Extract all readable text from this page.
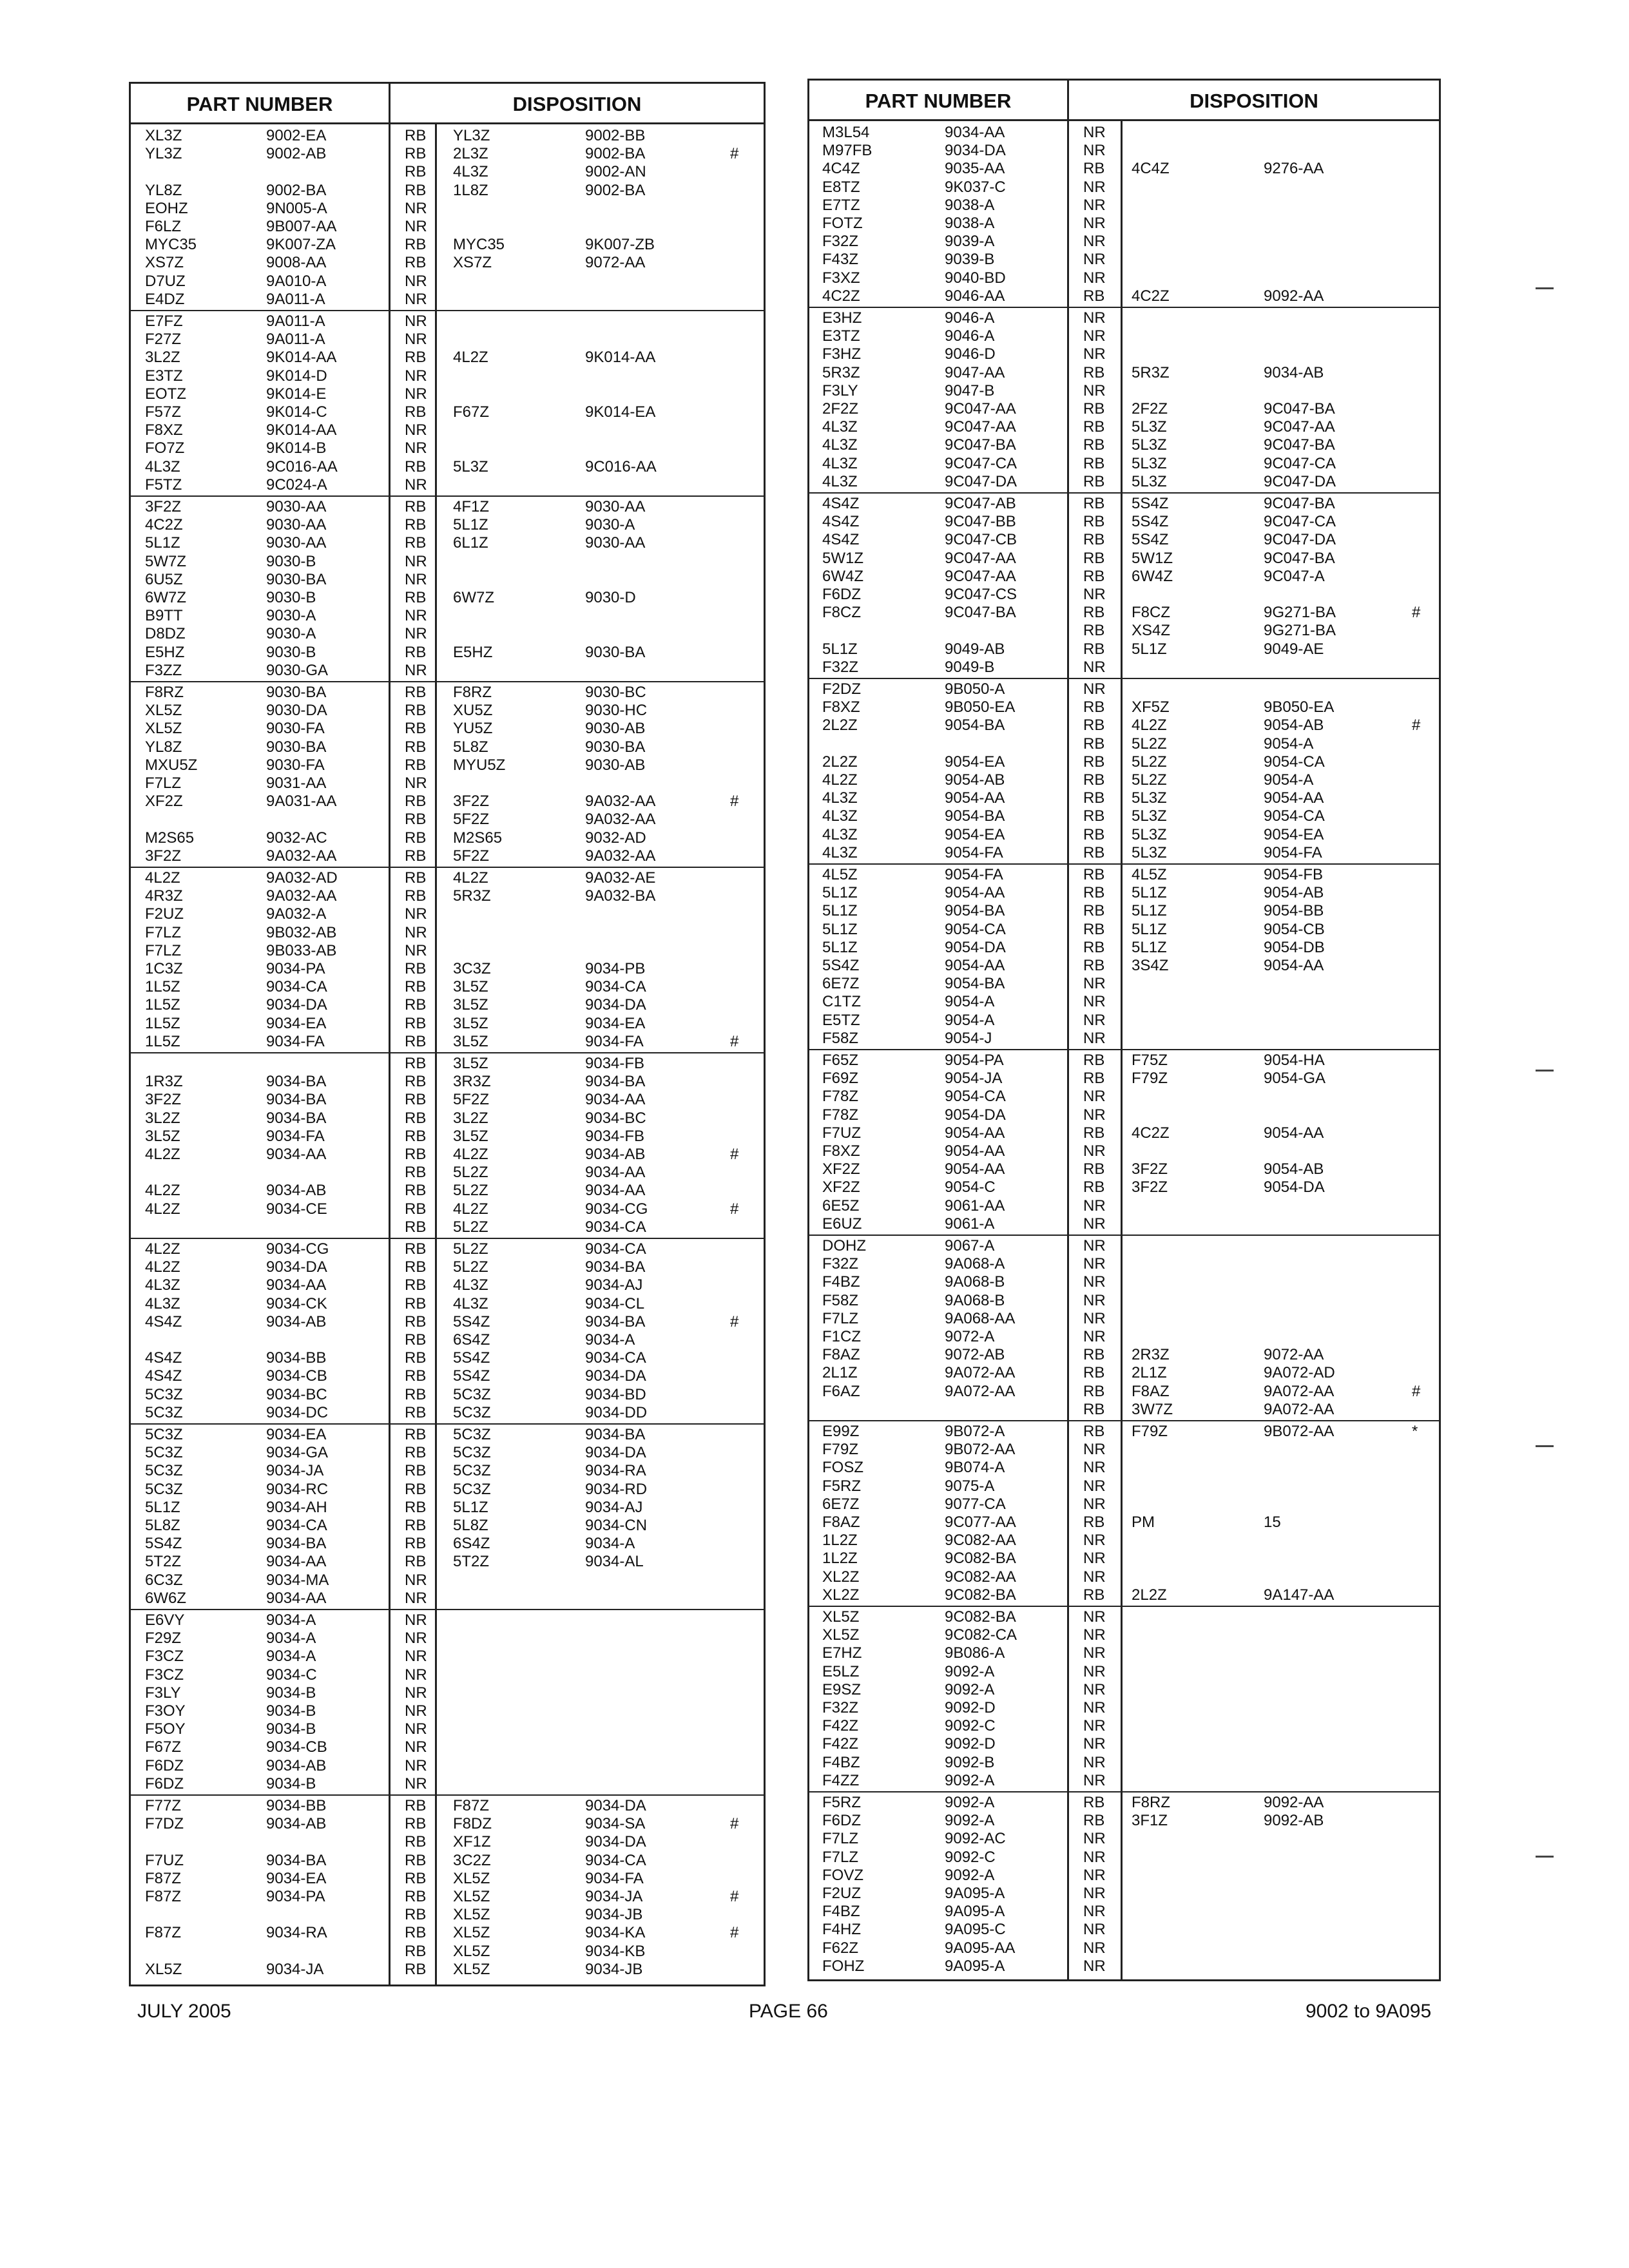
PART NUMBER	DISPOSITION
XL3Z	9002-EA	RB YL3Z	9002-BB
YL3Z	9002-AB	RB 2L3Z	9002-BA	#
RB 4L3Z	9002-AN
YL8Z	9002-BA	RB 1L8Z	9002-BA
EOHZ	9N005-A	NR
F6LZ	9B007-AA	NR
MYC35	9K007-ZA	RB MYC35	9K007-ZB
XS7Z	9008-AA	RB XS7Z	9072-AA
D7UZ	9A010-A	NR
E4DZ	9A011-A	NR
E7FZ	9A011-A	NR
F27Z	9A011-A	NR
3L2Z	9K014-AA	RB 4L2Z	9K014-AA
E3TZ	9K014-D	NR
EOTZ	9K014-E	NR
F57Z	9K014-C	RB F67Z	9K014-EA
F8XZ	9K014-AA	NR
FO7Z	9K014-B	NR
4L3Z	9C016-AA	RB 5L3Z	9C016-AA
F5TZ	9C024-A	NR
3F2Z	9030-AA	RB 4F1Z	9030-AA
4C2Z	9030-AA	RB 5L1Z	9030-A
5L1Z	9030-AA	RB 6L1Z	9030-AA
5W7Z	9030-B	NR
6U5Z	9030-BA	NR
6W7Z	9030-B	RB 6W7Z	9030-D
B9TT	9030-A	NR
D8DZ	9030-A	NR
E5HZ	9030-B	RB E5HZ	9030-BA
F3ZZ	9030-GA	NR
F8RZ	9030-BA	RB F8RZ	9030-BC
XL5Z	9030-DA	RB XU5Z	9030-HC
XL5Z	9030-FA	RB YU5Z	9030-AB
YL8Z	9030-BA	RB 5L8Z	9030-BA
MXU5Z	9030-FA	RB MYU5Z	9030-AB
F7LZ	9031-AA	NR
XF2Z	9A031-AA	RB 3F2Z	9A032-AA	#
RB 5F2Z	9A032-AA
M2S65	9032-AC	RB M2S65	9032-AD
3F2Z	9A032-AA	RB 5F2Z	9A032-AA
4L2Z	9A032-AD	RB 4L2Z	9A032-AE
4R3Z	9A032-AA	RB 5R3Z	9A032-BA
F2UZ	9A032-A	NR
F7LZ	9B032-AB	NR
F7LZ	9B033-AB	NR
1C3Z	9034-PA	RB 3C3Z	9034-PB
1L5Z	9034-CA	RB 3L5Z	9034-CA
1L5Z	9034-DA	RB 3L5Z	9034-DA
1L5Z	9034-EA	RB 3L5Z	9034-EA
1L5Z	9034-FA	RB 3L5Z	9034-FA	#
RB 3L5Z	9034-FB
1R3Z	9034-BA	RB 3R3Z	9034-BA
3F2Z	9034-BA	RB 5F2Z	9034-AA
3L2Z	9034-BA	RB 3L2Z	9034-BC
3L5Z	9034-FA	RB 3L5Z	9034-FB
4L2Z	9034-AA	RB 4L2Z	9034-AB	#
RB 5L2Z	9034-AA
4L2Z	9034-AB	RB 5L2Z	9034-AA
4L2Z	9034-CE	RB 4L2Z	9034-CG	#
RB 5L2Z	9034-CA
4L2Z	9034-CG	RB 5L2Z	9034-CA
4L2Z	9034-DA	RB 5L2Z	9034-BA
4L3Z	9034-AA	RB 4L3Z	9034-AJ
4L3Z	9034-CK	RB 4L3Z	9034-CL
4S4Z	9034-AB	RB 5S4Z	9034-BA	#
RB 6S4Z	9034-A
4S4Z	9034-BB	RB 5S4Z	9034-CA
4S4Z	9034-CB	RB 5S4Z	9034-DA
5C3Z	9034-BC	RB 5C3Z	9034-BD
5C3Z	9034-DC	RB 5C3Z	9034-DD
5C3Z	9034-EA	RB 5C3Z	9034-BA
5C3Z	9034-GA	RB 5C3Z	9034-DA
5C3Z	9034-JA	RB 5C3Z	9034-RA
5C3Z	9034-RC	RB 5C3Z	9034-RD
5L1Z	9034-AH	RB 5L1Z	9034-AJ
5L8Z	9034-CA	RB 5L8Z	9034-CN
5S4Z	9034-BA	RB 6S4Z	9034-A
5T2Z	9034-AA	RB 5T2Z	9034-AL
6C3Z	9034-MA	NR
6W6Z	9034-AA	NR
E6VY	9034-A	NR
F29Z	9034-A	NR
F3CZ	9034-A	NR
F3CZ	9034-C	NR
F3LY	9034-B	NR
F3OY	9034-B	NR
F5OY	9034-B	NR
F67Z	9034-CB	NR
F6DZ	9034-AB	NR
F6DZ	9034-B	NR
F77Z	9034-BB	RB F87Z	9034-DA
F7DZ	9034-AB	RB F8DZ	9034-SA	#
RB XF1Z	9034-DA
F7UZ	9034-BA	RB 3C2Z	9034-CA
F87Z	9034-EA	RB XL5Z	9034-FA
F87Z	9034-PA	RB XL5Z	9034-JA	#
RB XL5Z	9034-JB
F87Z	9034-RA	RB XL5Z	9034-KA	#
RB XL5Z	9034-KB
XL5Z	9034-JA	RB XL5Z	9034-JB
PART NUMBER	DISPOSITION
M3L54	9034-AA	NR
M97FB	9034-DA	NR
4C4Z	9035-AA	RB 4C4Z	9276-AA
E8TZ	9K037-C	NR
E7TZ	9038-A	NR
FOTZ	9038-A	NR
F32Z	9039-A	NR
F43Z	9039-B	NR
F3XZ	9040-BD	NR
4C2Z	9046-AA	RB 4C2Z	9092-AA
E3HZ	9046-A	NR
E3TZ	9046-A	NR
F3HZ	9046-D	NR
5R3Z	9047-AA	RB 5R3Z	9034-AB
F3LY	9047-B	NR
2F2Z	9C047-AA	RB 2F2Z	9C047-BA
4L3Z	9C047-AA	RB 5L3Z	9C047-AA
4L3Z	9C047-BA	RB 5L3Z	9C047-BA
4L3Z	9C047-CA	RB 5L3Z	9C047-CA
4L3Z	9C047-DA	RB 5L3Z	9C047-DA
4S4Z	9C047-AB	RB 5S4Z	9C047-BA
4S4Z	9C047-BB	RB 5S4Z	9C047-CA
4S4Z	9C047-CB	RB 5S4Z	9C047-DA
5W1Z	9C047-AA	RB 5W1Z	9C047-BA
6W4Z	9C047-AA	RB 6W4Z	9C047-A
F6DZ	9C047-CS	NR
F8CZ	9C047-BA	RB F8CZ	9G271-BA	#
RB XS4Z	9G271-BA
5L1Z	9049-AB	RB 5L1Z	9049-AE
F32Z	9049-B	NR
F2DZ	9B050-A	NR
F8XZ	9B050-EA	RB XF5Z	9B050-EA
2L2Z	9054-BA	RB 4L2Z	9054-AB	#
RB 5L2Z	9054-A
2L2Z	9054-EA	RB 5L2Z	9054-CA
4L2Z	9054-AB	RB 5L2Z	9054-A
4L3Z	9054-AA	RB 5L3Z	9054-AA
4L3Z	9054-BA	RB 5L3Z	9054-CA
4L3Z	9054-EA	RB 5L3Z	9054-EA
4L3Z	9054-FA	RB 5L3Z	9054-FA
4L5Z	9054-FA	RB 4L5Z	9054-FB
5L1Z	9054-AA	RB 5L1Z	9054-AB
5L1Z	9054-BA	RB 5L1Z	9054-BB
5L1Z	9054-CA	RB 5L1Z	9054-CB
5L1Z	9054-DA	RB 5L1Z	9054-DB
5S4Z	9054-AA	RB 3S4Z	9054-AA
6E7Z	9054-BA	NR
C1TZ	9054-A	NR
E5TZ	9054-A	NR
F58Z	9054-J	NR
F65Z	9054-PA	RB F75Z	9054-HA
F69Z	9054-JA	RB F79Z	9054-GA
F78Z	9054-CA	NR
F78Z	9054-DA	NR
F7UZ	9054-AA	RB 4C2Z	9054-AA
F8XZ	9054-AA	NR
XF2Z	9054-AA	RB 3F2Z	9054-AB
XF2Z	9054-C	RB 3F2Z	9054-DA
6E5Z	9061-AA	NR
E6UZ	9061-A	NR
DOHZ	9067-A	NR
F32Z	9A068-A	NR
F4BZ	9A068-B	NR
F58Z	9A068-B	NR
F7LZ	9A068-AA	NR
F1CZ	9072-A	NR
F8AZ	9072-AB	RB 2R3Z	9072-AA
2L1Z	9A072-AA	RB 2L1Z	9A072-AD
F6AZ	9A072-AA	RB F8AZ	9A072-AA	#
RB 3W7Z	9A072-AA
E99Z	9B072-A	RB F79Z	9B072-AA	*
F79Z	9B072-AA	NR
FOSZ	9B074-A	NR
F5RZ	9075-A	NR
6E7Z	9077-CA	NR
F8AZ	9C077-AA	RB PM	15
1L2Z	9C082-AA	NR
1L2Z	9C082-BA	NR
XL2Z	9C082-AA	NR
XL2Z	9C082-BA	RB 2L2Z	9A147-AA
XL5Z	9C082-BA	NR
XL5Z	9C082-CA	NR
E7HZ	9B086-A	NR
E5LZ	9092-A	NR
E9SZ	9092-A	NR
F32Z	9092-D	NR
F42Z	9092-C	NR
F42Z	9092-D	NR
F4BZ	9092-B	NR
F4ZZ	9092-A	NR
F5RZ	9092-A	RB F8RZ	9092-AA
F6DZ	9092-A	RB 3F1Z	9092-AB
F7LZ	9092-AC	NR
F7LZ	9092-C	NR
FOVZ	9092-A	NR
F2UZ	9A095-A	NR
F4BZ	9A095-A	NR
F4HZ	9A095-C	NR
F62Z	9A095-AA	NR
FOHZ	9A095-A	NR
JULY 2005	PAGE 66	9002 to 9A095
